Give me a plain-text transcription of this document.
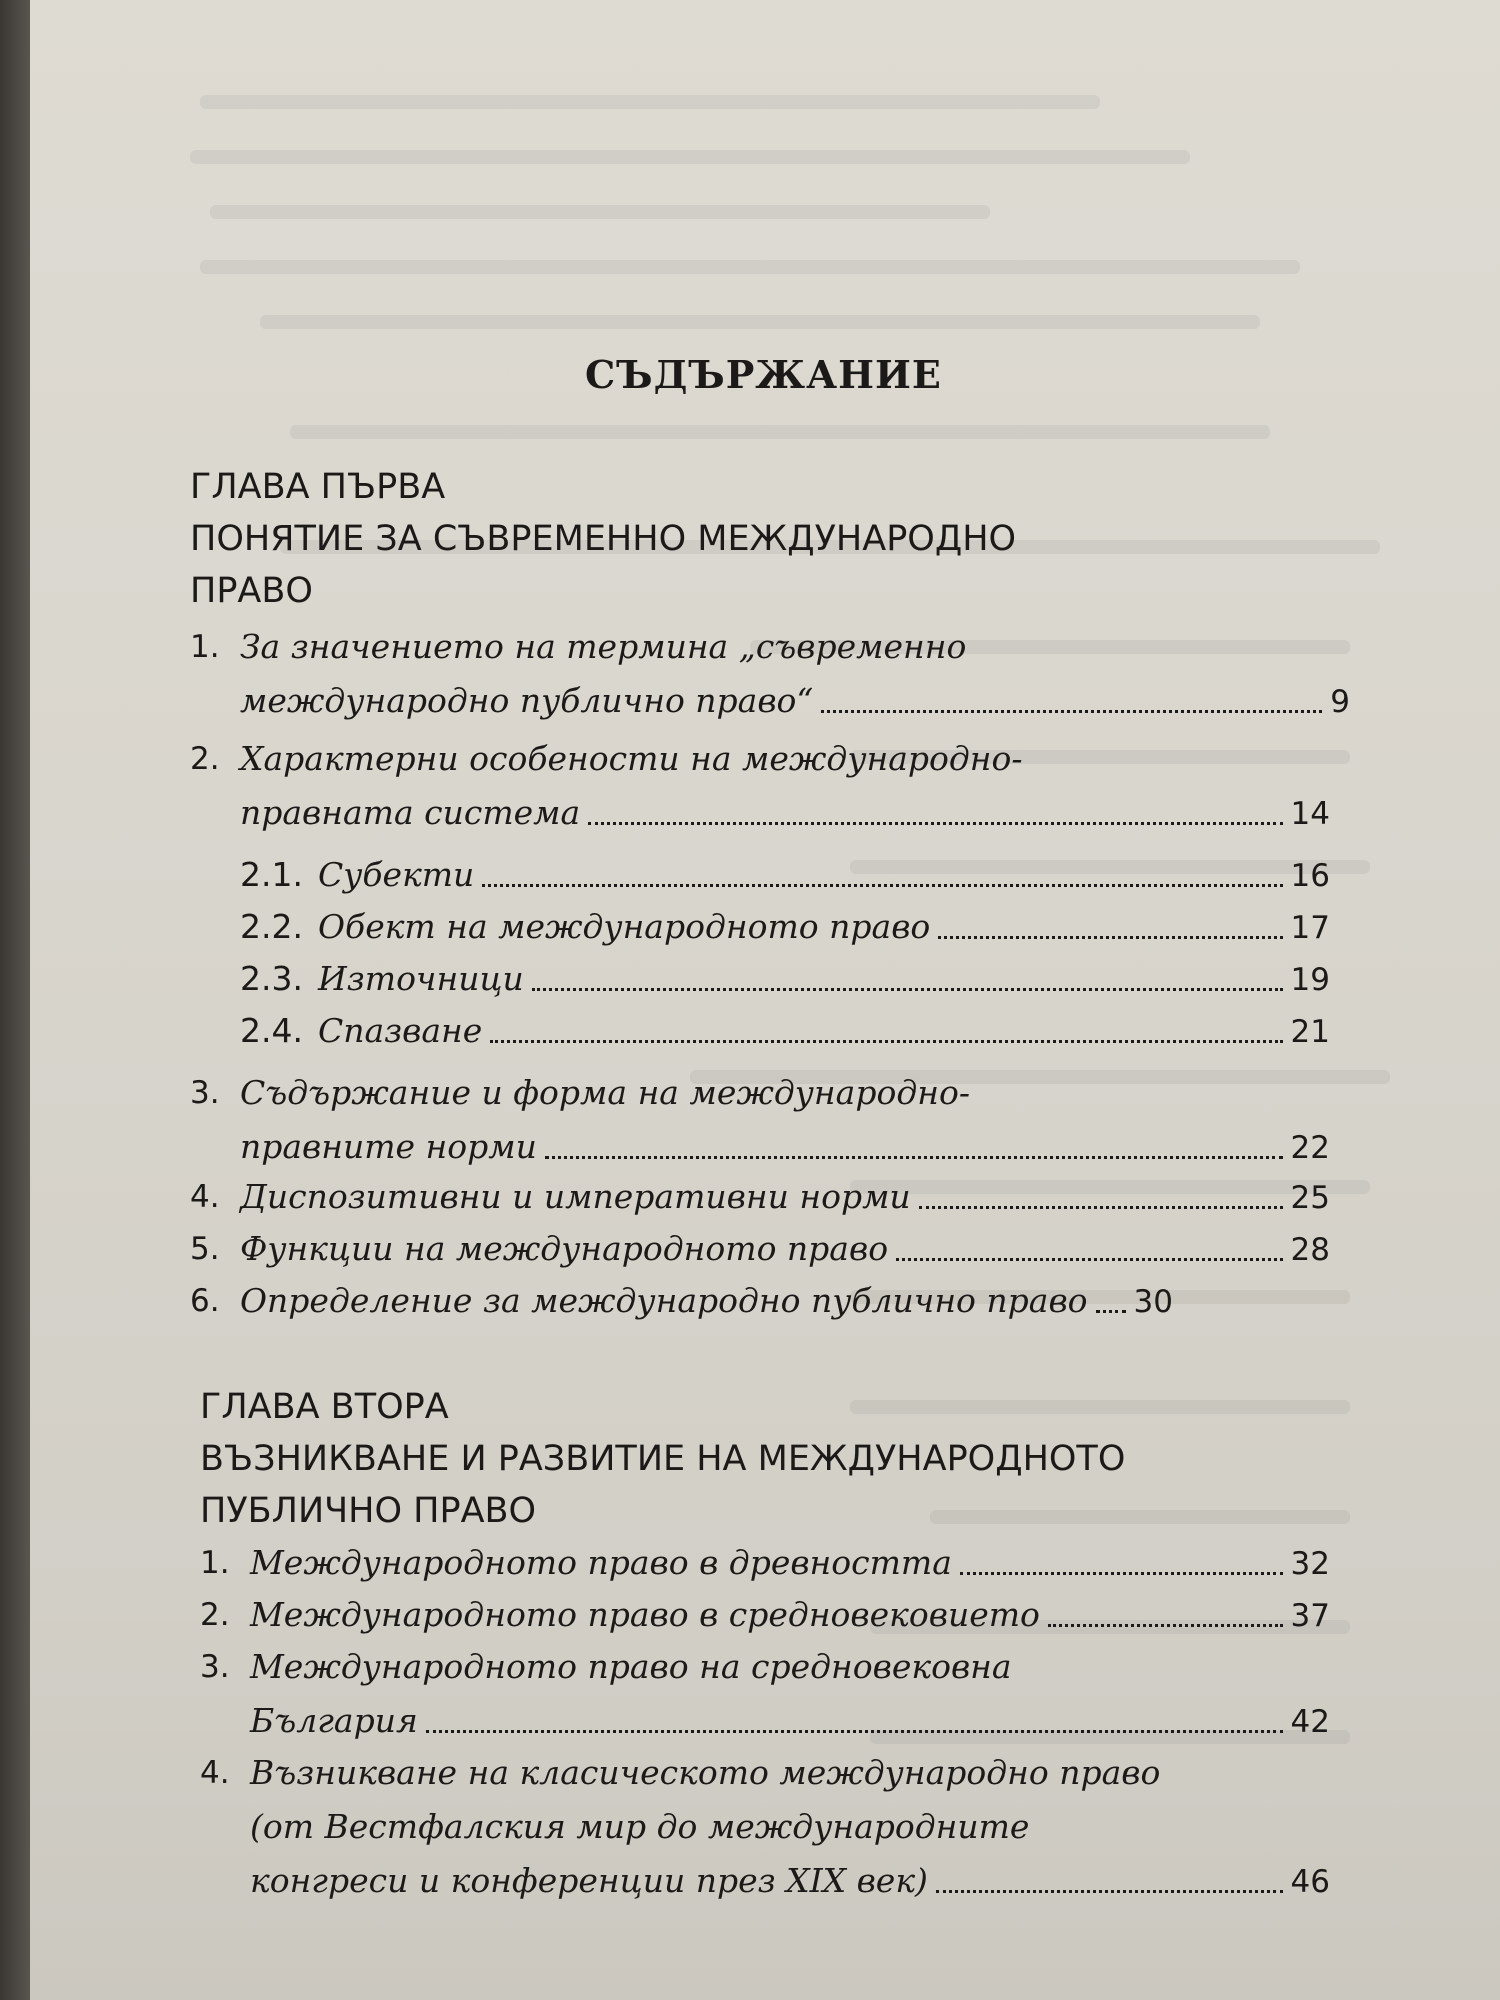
СЪДЪРЖАНИЕ
ГЛАВА ПЪРВА
ПОНЯТИЕ ЗА СЪВРЕМЕННО МЕЖДУНАРОДНО
ПРАВО
1. За значението на термина „съвременно
международно публично право“	9
2. Характерни особености на международно-
правната система	14
2.1. Субекти	16
2.2. Обект на международното право	17
2.3. Източници	19
2.4. Спазване	21
3. Съдържание и форма на международно-
правните норми	22
4. Диспозитивни и императивни норми	25
5. Функции на международното право	28
6. Определение за международно публично право 30
ГЛАВА ВТОРА
ВЪЗНИКВАНЕ И РАЗВИТИЕ НА МЕЖДУНАРОДНОТО
ПУБЛИЧНО ПРАВО
1. Международното право в древността	32
2. Международното право в средновековието	37
3. Международното право на средновековна
България	42
4. Възникване на класическото международно право
(от Вестфалския мир до международните
конгреси и конференции през XIX век)	46
